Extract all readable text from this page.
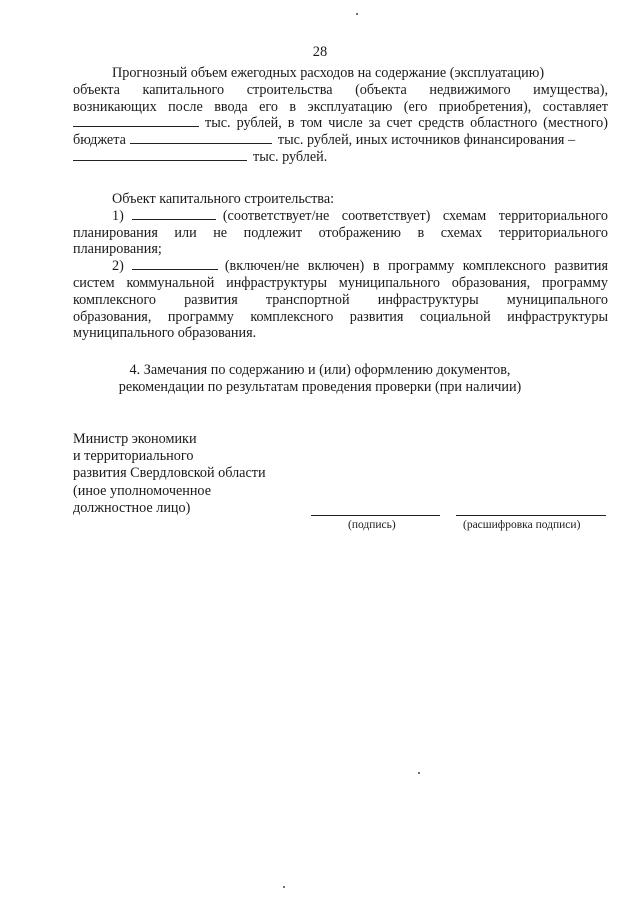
28

Прогнозный объем ежегодных расходов на содержание (эксплуатацию)

объекта капитального строительства (объекта недвижимого имущества),

возникающих после ввода его в эксплуатацию (его приобретения), составляет

тыс. рублей, в том числе за счет средств областного (местного)

бюджета	тыс. рублей, иных источников финансирования –

тыс. рублей.

Объект капитального строительства:

1)	(соответствует/не соответствует) схемам территориального

планирования или не подлежит отображению в схемах территориального

планирования;

2)	(включен/не включен) в программу комплексного развития

систем коммунальной инфраструктуры муниципального образования, программу

комплексного развития транспортной инфраструктуры муниципального

образования, программу комплексного развития социальной инфраструктуры

муниципального образования.

4. Замечания по содержанию и (или) оформлению документов,
рекомендации по результатам проведения проверки (при наличии)
Министр экономики
и территориального
развития Свердловской области
(иное уполномоченное
должностное лицо)
(подпись)	(расшифровка подписи)
